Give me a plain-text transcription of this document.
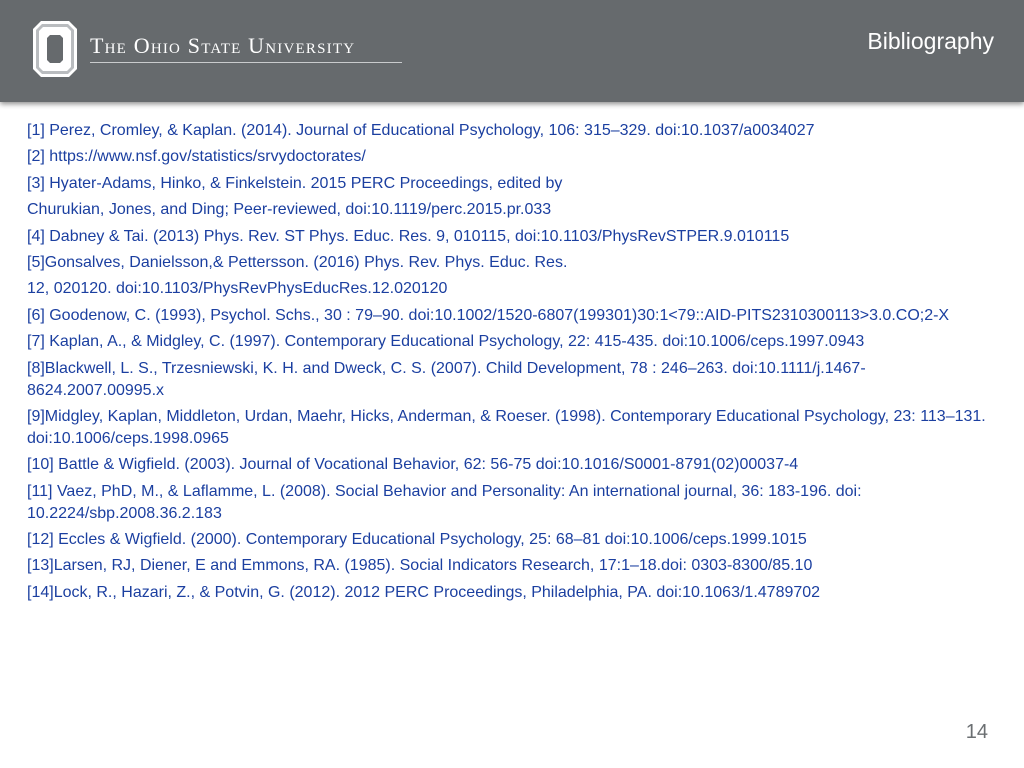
The Ohio State University	Bibliography
[1] Perez, Cromley, & Kaplan. (2014). Journal of Educational Psychology, 106: 315–329. doi:10.1037/a0034027
[2] https://www.nsf.gov/statistics/srvydoctorates/
[3] Hyater-Adams, Hinko, & Finkelstein. 2015 PERC Proceedings, edited by
Churukian, Jones, and Ding; Peer-reviewed, doi:10.1119/perc.2015.pr.033
[4] Dabney & Tai. (2013) Phys. Rev. ST Phys. Educ. Res. 9, 010115, doi:10.1103/PhysRevSTPER.9.010115
[5]Gonsalves, Danielsson,& Pettersson. (2016) Phys. Rev. Phys. Educ. Res.
12, 020120. doi:10.1103/PhysRevPhysEducRes.12.020120
[6] Goodenow, C. (1993), Psychol. Schs., 30 : 79–90. doi:10.1002/1520-6807(199301)30:1<79::AID-PITS2310300113>3.0.CO;2-X
[7] Kaplan, A., & Midgley, C. (1997). Contemporary Educational Psychology, 22: 415-435. doi:10.1006/ceps.1997.0943
[8]Blackwell, L. S., Trzesniewski, K. H. and Dweck, C. S. (2007). Child Development, 78 : 246–263. doi:10.1111/j.1467-8624.2007.00995.x
[9]Midgley, Kaplan, Middleton, Urdan, Maehr, Hicks, Anderman, & Roeser. (1998). Contemporary Educational Psychology, 23: 113–131. doi:10.1006/ceps.1998.0965
[10] Battle & Wigfield. (2003). Journal of Vocational Behavior, 62: 56-75 doi:10.1016/S0001-8791(02)00037-4
[11] Vaez, PhD, M., & Laflamme, L. (2008). Social Behavior and Personality: An international journal, 36: 183-196. doi: 10.2224/sbp.2008.36.2.183
[12] Eccles & Wigfield. (2000). Contemporary Educational Psychology, 25: 68–81 doi:10.1006/ceps.1999.1015
[13]Larsen, RJ, Diener, E and Emmons, RA. (1985). Social Indicators Research, 17:1–18.doi: 0303-8300/85.10
[14]Lock, R., Hazari, Z., & Potvin, G. (2012). 2012 PERC Proceedings, Philadelphia, PA. doi:10.1063/1.4789702
14
